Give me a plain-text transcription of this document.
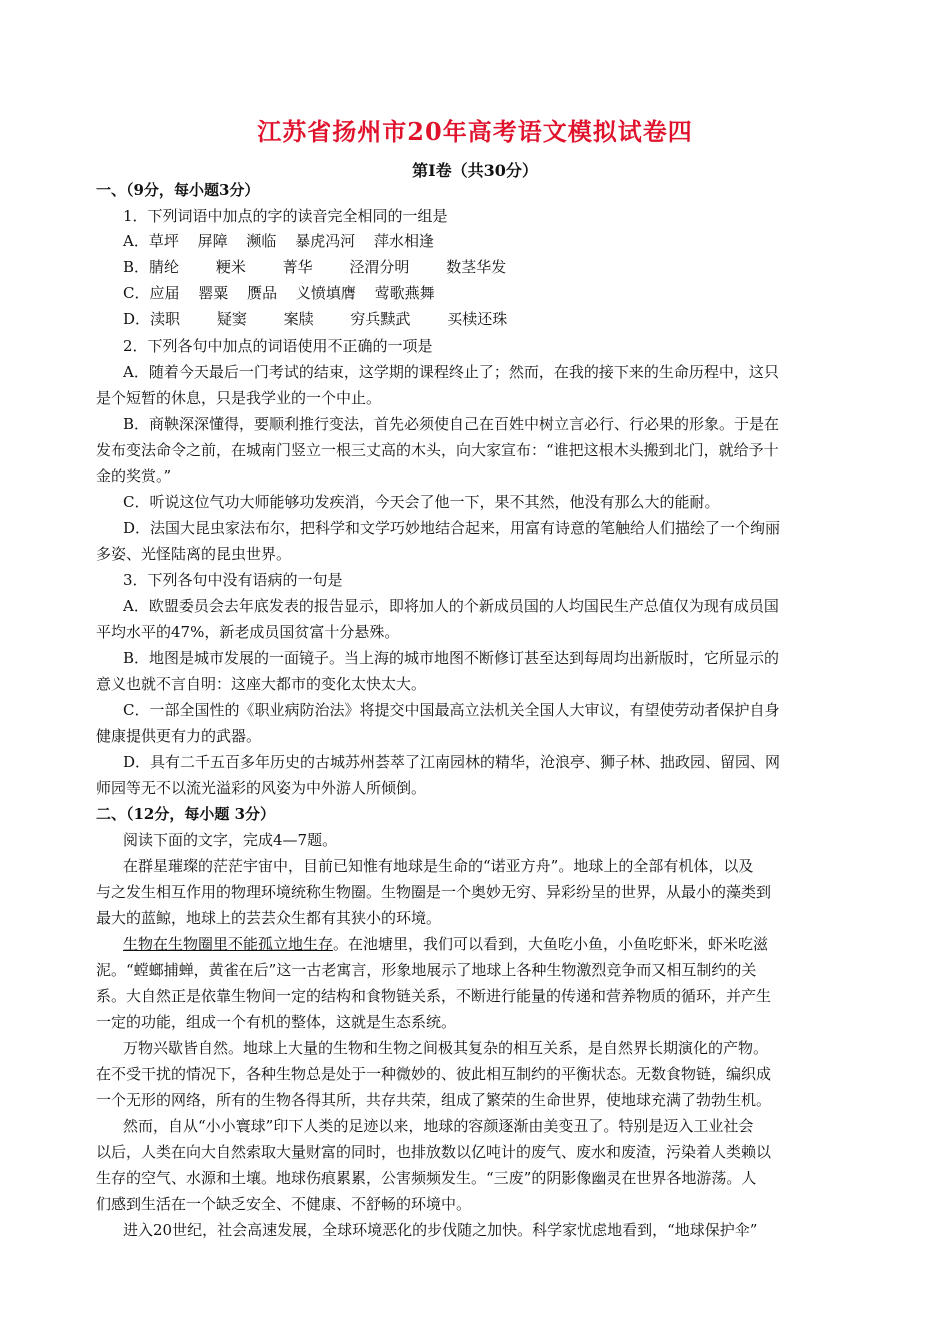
江苏省扬州市20年高考语文模拟试卷四
第Ⅰ卷（共30分）
一、（9分，每小题3分）
1．下列词语中加点的字的读音完全相同的一组是
A．草坪 屏障 濒临 暴虎冯河 萍水相逢
B．腈纶 粳米 菁华 泾渭分明 数茎华发
C．应届 罂粟 赝品 义愤填膺 莺歌燕舞
D．渎职 疑窦 案牍 穷兵黩武 买椟还珠
2．下列各句中加点的词语使用不正确的一项是
A．随着今天最后一门考试的结束，这学期的课程终止了；然而，在我的接下来的生命历程中，这只
是个短暂的休息，只是我学业的一个中止。
B．商鞅深深懂得，要顺利推行变法，首先必须使自己在百姓中树立言必行、行必果的形象。于是在
发布变法命令之前，在城南门竖立一根三丈高的木头，向大家宣布：“谁把这根木头搬到北门，就给予十
金的奖赏。”
C．听说这位气功大师能够功发疾消，今天会了他一下，果不其然，他没有那么大的能耐。
D．法国大昆虫家法布尔，把科学和文学巧妙地结合起来，用富有诗意的笔触给人们描绘了一个绚丽
多姿、光怪陆离的昆虫世界。
3．下列各句中没有语病的一句是
A．欧盟委员会去年底发表的报告显示，即将加人的个新成员国的人均国民生产总值仅为现有成员国
平均水平的47%，新老成员国贫富十分悬殊。
B．地图是城市发展的一面镜子。当上海的城市地图不断修订甚至达到每周均出新版时，它所显示的
意义也就不言自明：这座大都市的变化太快太大。
C．一部全国性的《职业病防治法》将提交中国最高立法机关全国人大审议，有望使劳动者保护自身
健康提供更有力的武器。
D．具有二千五百多年历史的古城苏州荟萃了江南园林的精华，沧浪亭、狮子林、拙政园、留园、网
师园等无不以流光溢彩的风姿为中外游人所倾倒。
二、（12分，每小题 3分）
阅读下面的文字，完成4—7题。
在群星璀璨的茫茫宇宙中，目前已知惟有地球是生命的“诺亚方舟”。地球上的全部有机体，以及
与之发生相互作用的物理环境统称生物圈。生物圈是一个奥妙无穷、异彩纷呈的世界，从最小的藻类到
最大的蓝鲸，地球上的芸芸众生都有其狭小的环境。
生物在生物圈里不能孤立地生存。在池塘里，我们可以看到，大鱼吃小鱼，小鱼吃虾米，虾米吃滋
泥。“螳螂捕蝉，黄雀在后”这一古老寓言，形象地展示了地球上各种生物激烈竞争而又相互制约的关
系。大自然正是依靠生物间一定的结构和食物链关系，不断进行能量的传递和营养物质的循环，并产生
一定的功能，组成一个有机的整体，这就是生态系统。
万物兴歇皆自然。地球上大量的生物和生物之间极其复杂的相互关系，是自然界长期演化的产物。
在不受干扰的情况下，各种生物总是处于一种微妙的、彼此相互制约的平衡状态。无数食物链，编织成
一个无形的网络，所有的生物各得其所，共存共荣，组成了繁荣的生命世界，使地球充满了勃勃生机。
然而，自从“小小寰球”印下人类的足迹以来，地球的容颜逐渐由美变丑了。特别是迈入工业社会
以后，人类在向大自然索取大量财富的同时，也排放数以亿吨计的废气、废水和废渣，污染着人类赖以
生存的空气、水源和土壤。地球伤痕累累，公害频频发生。“三废”的阴影像幽灵在世界各地游荡。人
们感到生活在一个缺乏安全、不健康、不舒畅的环境中。
进入20世纪，社会高速发展，全球环境恶化的步伐随之加快。科学家忧虑地看到，“地球保护伞”
